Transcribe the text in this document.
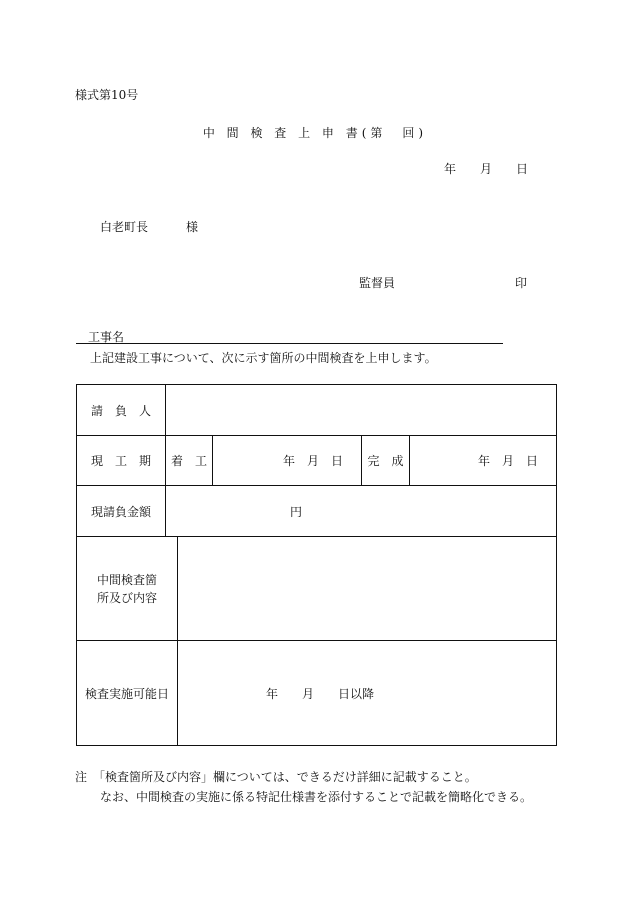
様式第10号
中 間 検 査 上 申 書(第　回)
年 月 日
白老町長	様
監督員	印
工事名
上記建設工事について、次に示す箇所の中間検査を上申します。
請　負　人
現　工　期	着　工	年　月　日	完　成	年　月　日
現請負金額	円
中間検査箇
所及び内容
検査実施可能日	年　　月　　日以降
注　「検査箇所及び内容」欄については、できるだけ詳細に記載すること。
なお、中間検査の実施に係る特記仕様書を添付することで記載を簡略化できる。
